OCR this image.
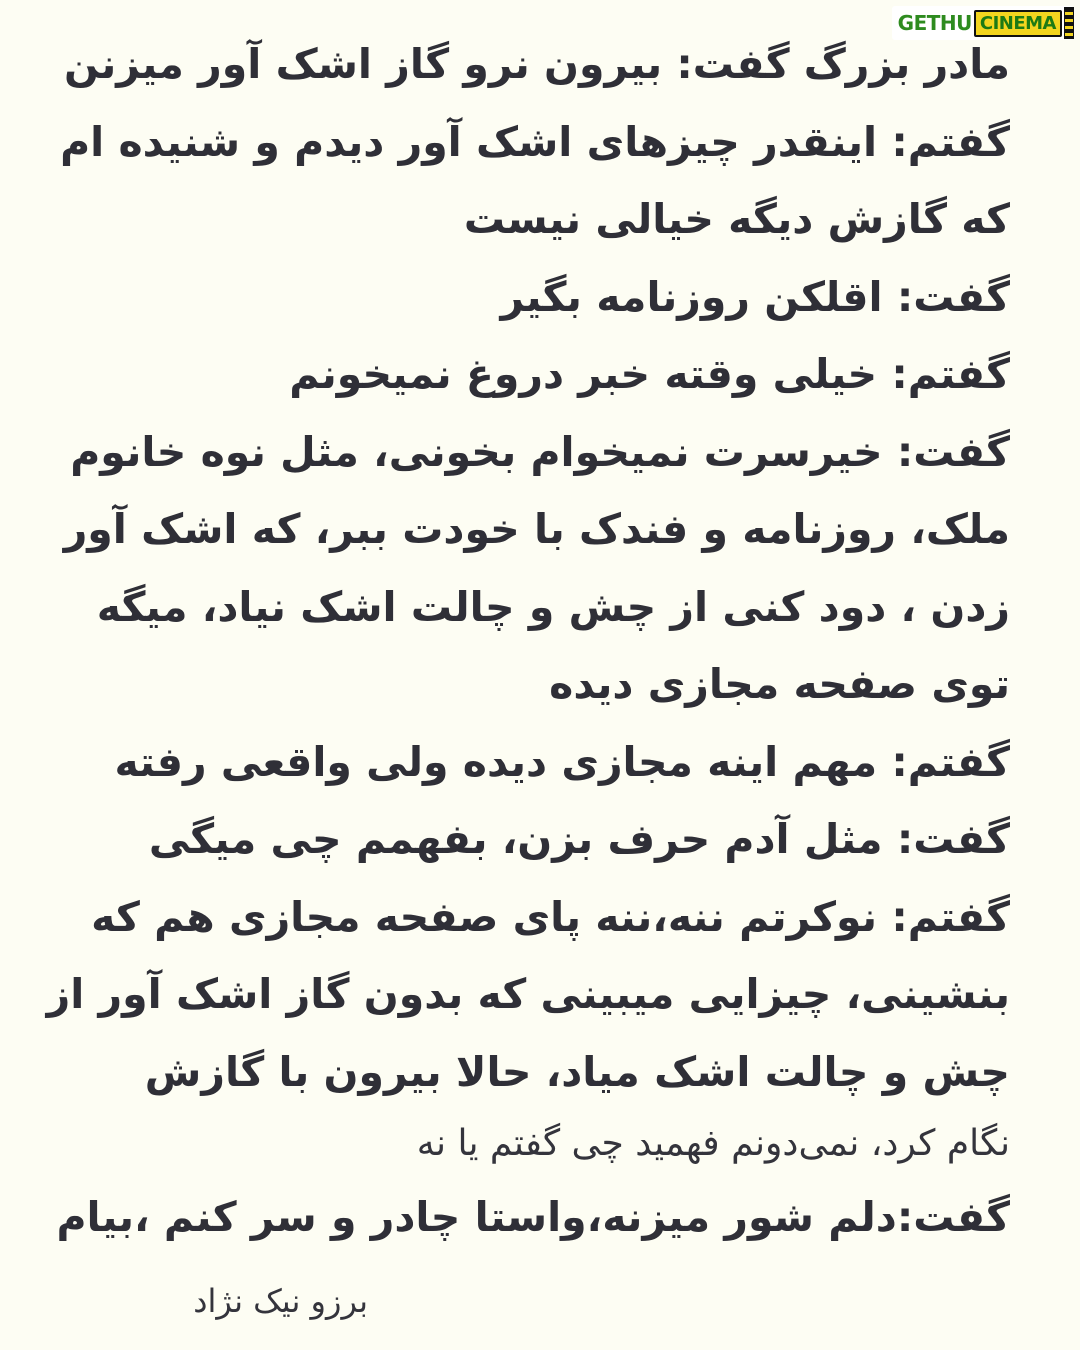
GETHU CINEMA
مادر بزرگ گفت: بیرون نرو گاز اشک آور میزنن
گفتم: اینقدر چیزهای اشک آور دیدم و شنیده ام
که گازش دیگه خیالی نیست
گفت: اقلکن روزنامه بگیر
گفتم: خیلی وقته خبر دروغ نمیخونم
گفت: خیرسرت نمیخوام بخونی، مثل نوه خانوم
ملک، روزنامه و فندک با خودت ببر، که اشک آور
زدن ، دود کنی از چش و چالت اشک نیاد، میگه
توی صفحه مجازی دیده
گفتم: مهم اینه مجازی دیده ولی واقعی رفته
گفت: مثل آدم حرف بزن، بفهمم چی میگی
گفتم: نوکرتم ننه،ننه پای صفحه مجازی هم که
بنشینی، چیزایی میبینی که بدون گاز اشک آور از
چش و چالت اشک میاد، حالا بیرون با گازش
نگام کرد، نمی‌دونم فهمید چی گفتم یا نه
گفت:دلم شور میزنه،واستا چادر و سر کنم ،بیام
برزو نیک نژاد
